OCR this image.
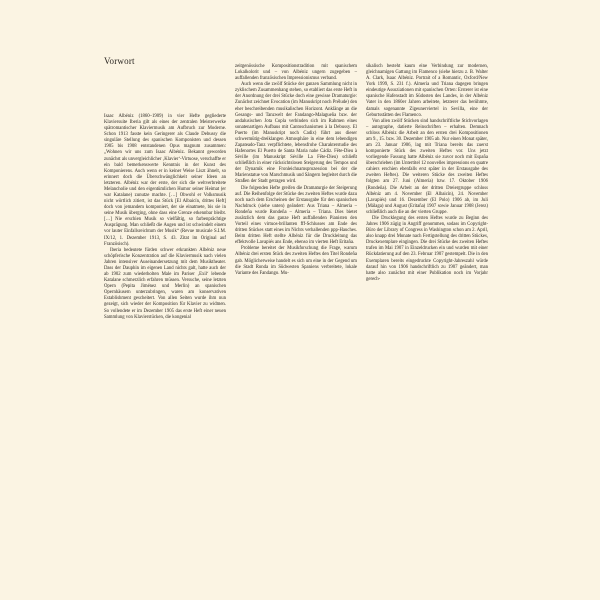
Vorwort

Isaac Albéniz (1860–1909) in vier Hefte gegliederte Klaviersuite Iberia gilt als eines der zentralen Meisterwerke spätromantischer Klaviermusik am Aufbruch zur Moderne. Schon 1913 fasste kein Geringerer als Claude Debussy die singuläre Stellung des spanischen Komponisten und dessen 1905 bis 1908 entstandenen Opus magnum zusammen: „Wohnen wir uns zum Isaac Albéniz. Bekannt geworden zunächst als unvergleichlicher ‚Klavier‘-Virtuose, verschaffte er ein bald bemerkenswerte Kenntnis in der Kunst des Komponierens. Auch wenn er in keiner Weise Liszt ähnelt, so erinnert doch die Überschwänglichkeit seiner Ideen an letzteren. Albéniz war der erste, der sich die weltverbreitete Melancholie und den eigentümlichen Humor seiner Heimat (er war Katalane) zunutze machte. […] Obwohl er Volksmusik nicht wörtlich zitiert, ist das Stück [El Albaicín, drittes Heft] doch von jemandem komponiert, der sie einatmete, bis sie in seine Musik überging, ohne dass eine Grenze erkennbar bleibt. […] Nie erschien Musik so vielfältig, so farbenprächtige Ausprägung. Man schließt die Augen und ist schwindelt einem vor lauter Einfallsreichtum der Musik“ (Revue musicale S.I.M. IX/12, 1. Dezember 1913, S. 43. Zitat im Original auf Französisch).

Iberia bedeutete fürden schwer erkrankten Albéniz neue schöpferische Konzentration auf die Klaviermusik nach vielen Jahren intensiver Auseinandersetzung mit dem Musiktheater. Dass der Dauphin im eigenen Land nichts galt, hatte auch der ab 1902 zum wiederholten Male im Pariser ‚Exil‘ lebende Katalane schmerzlich erfahren müssen. Versuche, seine letzten Opern (Pepita Jiménez und Merlin) an spanischen Opernhäusern unterzubringen, waren am konservativen Establishment gescheitert. Von allen Seiten wurde ihm nun gezeigt, sich wieder der Komposition für Klavier zu widmen. So vollendete er im Dezember 1905 das erste Heft einer neuen Sammlung von Klavierstücken, die kongenial

zeitgenössische Kompositionstradition mit spanischem Lokalkolorit und – von Albéniz ungern zugegeben – auffallenden französischen Impressionismus verband.

Auch wenn die zwölf Stücke der ganzen Sammlung nicht in zyklischem Zusammenhang stehen, so etabliert das erste Heft in der Anordnung der drei Stücke doch eine gewisse Dramaturgie: Zunächst zeichnet Evocation (im Manuskript noch Prélude) den eher beschreibenden musikalischen Horizont. Anklänge an die Gesangs- und Tanzwelt der Fandango-Malagueña bzw. der andalusischen Jota Copla verbinden sich im Rahmen eines sonatenartigen Aufbaus mit Cantoschanismen à la Debussy. El Puerto (im Manuskript noch Cadix) führt aus dieser schwermütig-dreiklangen Atmosphäre in eine dem lebendigen Zapateado-Tanz verpflichtete, lebensfrohe Charakterstudie des Hafenortes El Puerto de Santa Maria nahe Cádiz. Fête-Dieu à Séville (im Manuskript Séville La Fête-Dieu) schließt schließlich in einer rücksichtslosen Steigerung des Tempos und der Dynamik eine Fronleichnamsprozession bei der die Marienstatue von Marschmusik und Sängern begleitet durch die Straßen der Stadt getragen wird.

Die folgenden Hefte greifen die Dramaturgie der Steigerung auf. Die Reihenfolge der Stücke des zweiten Heftes wurde dazu noch nach dem Erscheinen der Erstausgabe für den spanischen Nachdruck (siehe unten) geändert: Aus Triana – Almería – Rondeña wurde Rondeña – Almería – Triana. Dies bietet zusätzlich dem das ganze Heft auffallenden Pianisten den Vorteil eines virtuos-brillanten fff-Schlusses am Ende des dritten Stückes statt eines im Nichts verhallenden ppp-Hauches. Beim dritten Heft stellte Albéniz für die Druckleitung das effektvolle Lavapiés ans Ende, ebenso im vierten Heft Eritaña.

Probleme bereitet der Musikforschung die Frage, warum Albéniz drei ersten Stück des zweiten Heftes den Titel Rondeña gab. Möglicherweise handelt es sich um eine in der Gegend um die Stadt Ronda im Südwesten Spaniens verbreitete, lokale Variante des Fandango. Mu-

sikalisch besteht kaum eine Verbindung zur modernen, gleichnamigen Gattung im Flamenco (siehe hierzu z. B. Walter A. Clark, Isaac Albéniz. Portrait of a Romantic, Oxford/New York 1999, S. 231 f.). Almería und Triana dagegen bringen eindeutige Assoziationen mit spanischen Orten: Ersterer ist eine spanische Hafenstadt im Südosten des Landes, in der Albéniz Vater in den 1860er Jahren arbeitete, letzterer das berühmte, damals sogenannte Zigeunerviertel in Sevilla, eine der Geburtsstätten des Flamenco.

Von allen zwölf Stücken sind handschriftliche Stichvorlagen – autographe, datierte Reinschriften – erhalten. Demnach schloss Albéniz die Arbeit an den ersten drei Kompositionen am 9., 15. bzw. 30. Dezember 1905 ab. Nur einen Monat später, am 23. Januar 1906, lag mit Triana bereits das zuerst komponierte Stück des zweiten Heftes vor. Uns jetzt vorliegende Fassung hatte Albéniz sie zuvor noch mit España überschrieben (im Untertitel 12 nouvelles impressions en quatre cahiers erschien ebenfalls erst später in der Erstausgabe des zweiten Heftes). Die weiteren Stücke des zweiten Heftes folgten am 27. Juni (Almería) bzw. 17. Oktober 1906 (Rondeña). Die Arbeit an der dritten Dreiergruppe schloss Albéniz am 4. November (El Albaicín), 24. November (Lavapiés) und 16. Dezember (El Polo) 1906 ab, im Juli (Málaga) und August (Eritaña) 1907 sowie Januar 1908 (Jerez) schließlich auch die an der vierten Gruppe.

Die Drucklegung des ersten Heftes wurde zu Beginn des Jahres 1906 zügig in Angriff genommen, sodass im Copyright-Büro der Library of Congress in Washington schon am 2. April, also knapp drei Monate nach Fertigstellung des dritten Stückes, Druckexemplare eingingen. Die drei Stücke des zweiten Heftes trafen im Mai 1907 in Einzeldrucken ein und wurden mit einer Rückdatierung auf den 23. Februar 1907 gestempelt. Die in den Exemplaren bereits eingedruckte Copyright-Jahreszahl würde darauf hin von 1906 handschriftlich zu 1907 geändert, man hatte also zunächst mit einer Publikation noch im Vorjahr gerech-
